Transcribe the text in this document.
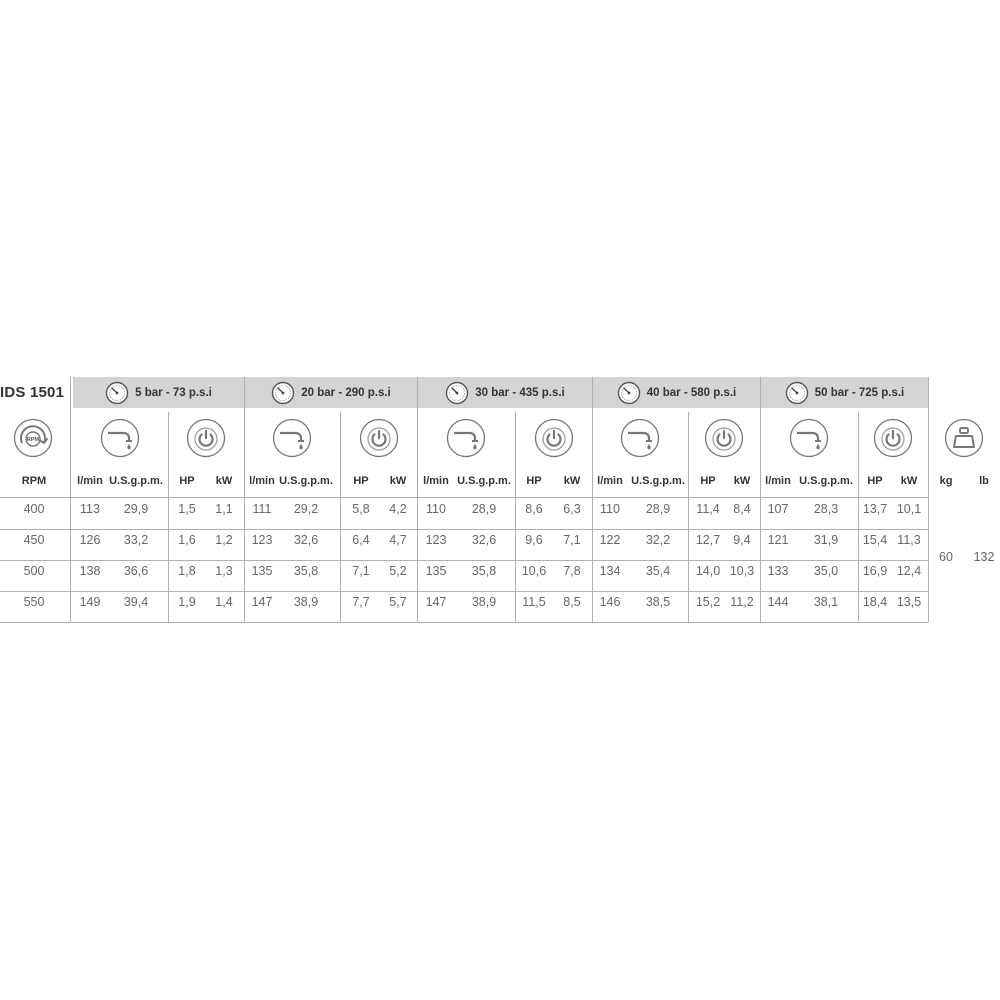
IDS 1501	5 bar - 73 p.s.i	20 bar - 290 p.s.i	30 bar - 435 p.s.i	40 bar - 580 p.s.i	50 bar - 725 p.s.i
RPM
RPM	l/min U.S.g.p.m. HP kW l/min U.S.g.p.m. HP kW l/min U.S.g.p.m. HP kW l/min U.S.g.p.m. HP kW l/min U.S.g.p.m. HP kW kg lb
400	113 29,9 1,5 1,1 111 29,2	5,8 4,2 110 28,9 8,6 6,3 110 28,9 11,4 8,4 107 28,3 13,7 10,1
450	126 33,2 1,6 1,2 123 32,6	6,4 4,7 123 32,6 9,6 7,1 122 32,2 12,7 9,4 121 31,9 15,4 11,3
500	138 36,6 1,8 1,3 135 35,8	7,1 5,2 135 35,8 10,6 7,8 134 35,4 14,0 10,3 133 35,0 16,9 12,4
550	149 39,4 1,9 1,4 147 38,9	7,7 5,7 147 38,9 11,5 8,5 146 38,5 15,2 11,2 144 38,1 18,4 13,5
60 132
